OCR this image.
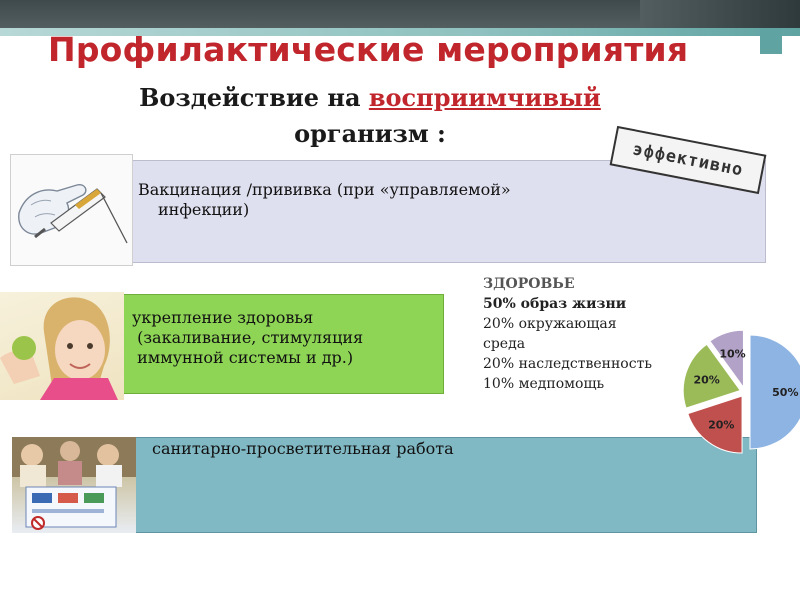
Профилактические мероприятия
Воздействие на восприимчивый
организм :
Вакцинация /прививка (при «управляемой»
инфекции)
эффективно
укрепление здоровья
(закаливание, стимуляция
иммунной системы и др.)
санитарно-просветительная работа
ЗДОРОВЬЕ
50% образ жизни
20% окружающая
среда
20% наследственность
10% медпомощь
50%
20%
20%
10%
